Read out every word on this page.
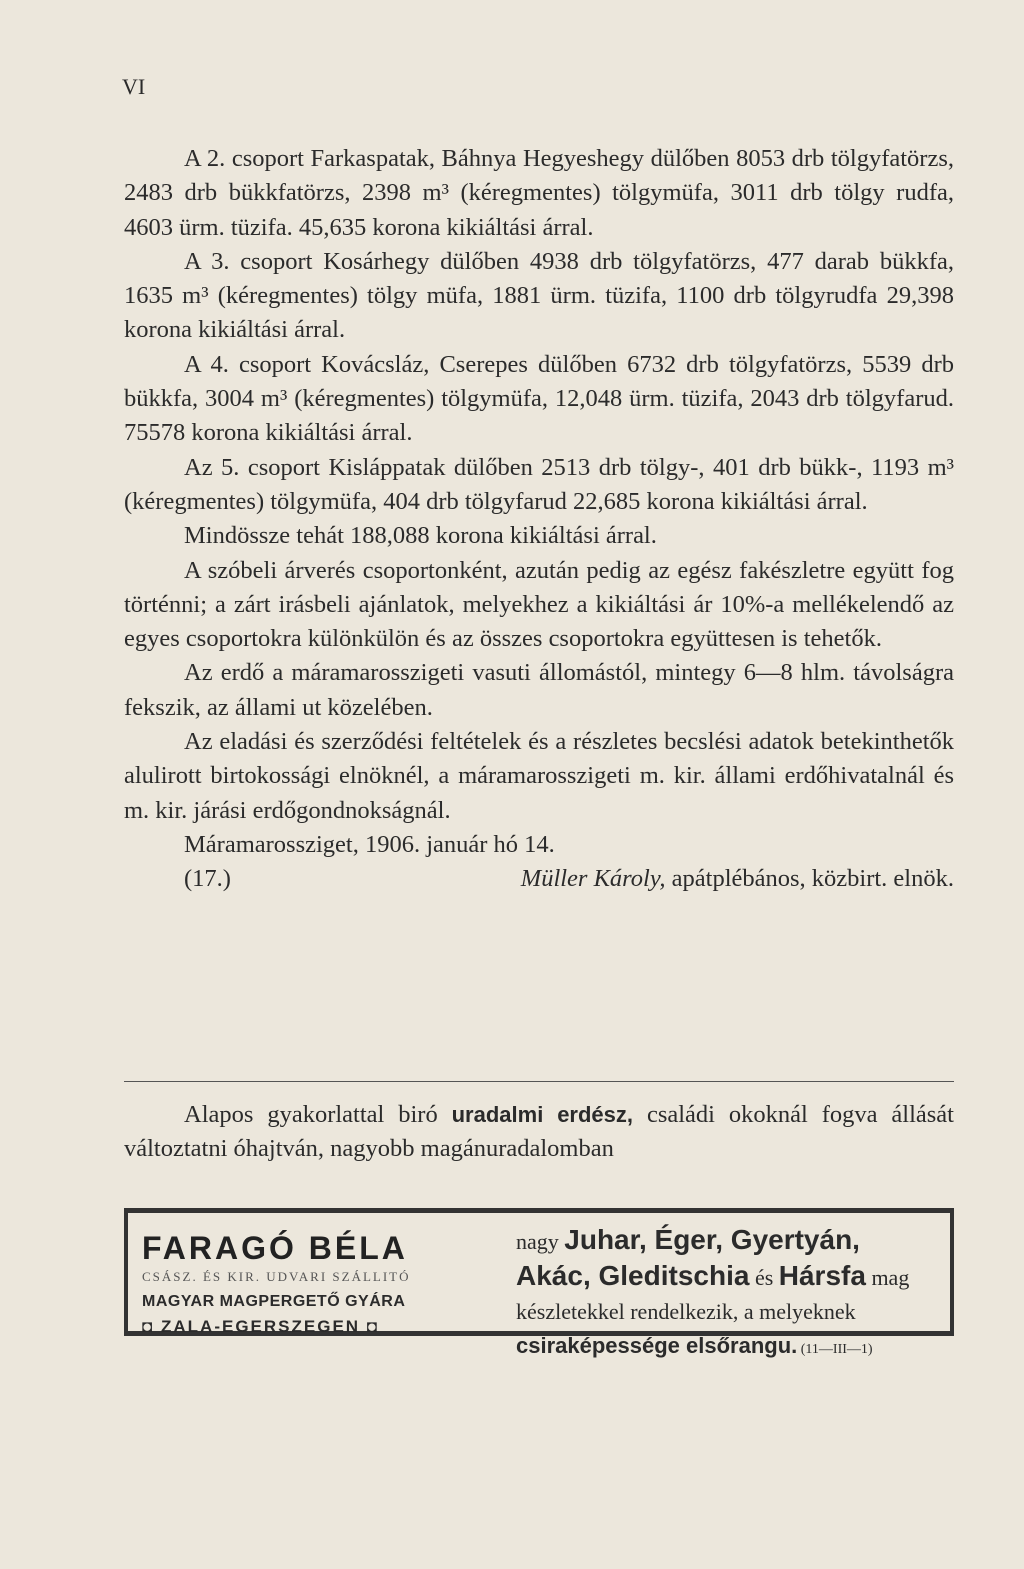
VI

A 2. csoport Farkaspatak, Báhnya Hegyeshegy dülőben 8053 drb tölgyfatörzs, 2483 drb bükkfatörzs, 2398 m³ (kéregmentes) tölgymüfa, 3011 drb tölgy rudfa, 4603 ürm. tüzifa. 45,635 korona kikiáltási árral.

A 3. csoport Kosárhegy dülőben 4938 drb tölgyfatörzs, 477 darab bükkfa, 1635 m³ (kéregmentes) tölgy müfa, 1881 ürm. tüzifa, 1100 drb tölgyrudfa 29,398 korona kikiáltási árral.

A 4. csoport Kovácsláz, Cserepes dülőben 6732 drb tölgyfatörzs, 5539 drb bükkfa, 3004 m³ (kéregmentes) tölgymüfa, 12,048 ürm. tüzifa, 2043 drb tölgyfarud. 75578 korona kikiáltási árral.

Az 5. csoport Kisláppatak dülőben 2513 drb tölgy-, 401 drb bükk-, 1193 m³ (kéregmentes) tölgymüfa, 404 drb tölgyfarud 22,685 korona kikiáltási árral.

Mindössze tehát 188,088 korona kikiáltási árral.

A szóbeli árverés csoportonként, azután pedig az egész fakészletre együtt fog történni; a zárt irásbeli ajánlatok, melyekhez a kikiáltási ár 10%-a mellékelendő az egyes csoportokra különkülön és az összes csoportokra együttesen is tehetők.

Az erdő a máramarosszigeti vasuti állomástól, mintegy 6—8 hlm. távolságra fekszik, az állami ut közelében.

Az eladási és szerződési feltételek és a részletes becslési adatok betekinthetők alulirott birtokossági elnöknél, a máramarosszigeti m. kir. állami erdőhivatalnál és m. kir. járási erdőgondnokságnál.

Máramarossziget, 1906. január hó 14.

(17.)	Müller Károly, apátplébános, közbirt. elnök.

Alapos gyakorlattal biró uradalmi erdész, családi okoknál fogva állását változtatni óhajtván, nagyobb magánuradalomban

FARAGÓ BÉLA
CSÁSZ. ÉS KIR. UDVARI SZÁLLITÓ
MAGYAR MAGPERGETŐ GYÁRA
◘ ZALA-EGERSZEGEN ◘
nagy Juhar, Éger, Gyertyán, Akác, Gleditschia és Hársfa mag készletekkel rendelkezik, a melyeknek csiraképessége elsőrangu. (11—III—1)
